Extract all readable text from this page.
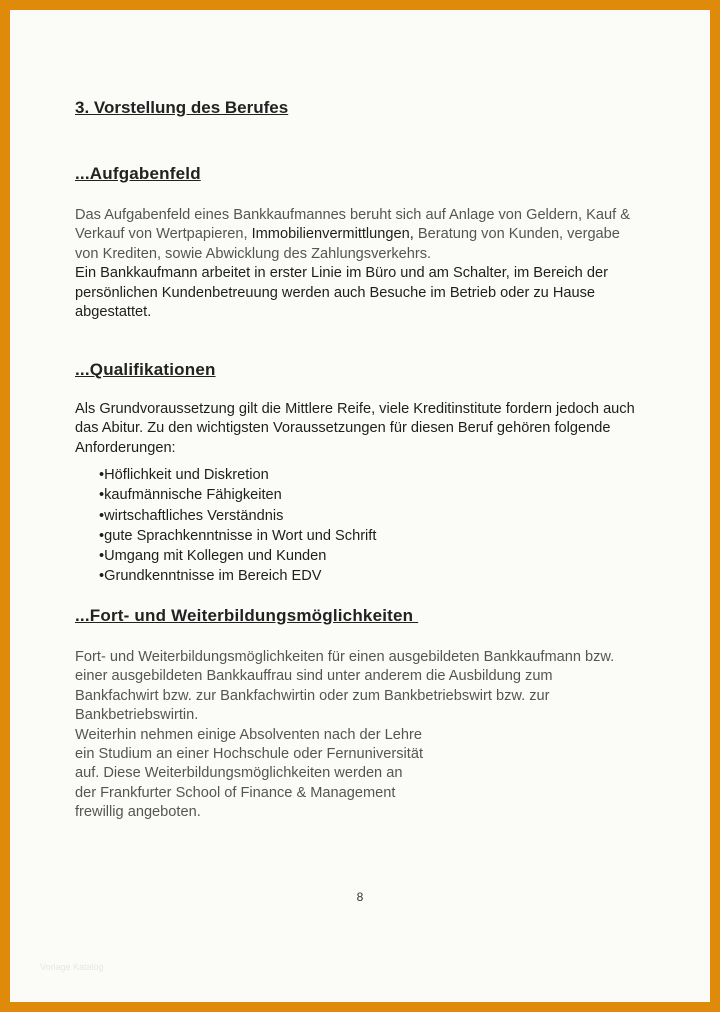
3. Vorstellung des Berufes
...Aufgabenfeld

Das Aufgabenfeld eines Bankkaufmannes beruht sich auf Anlage von Geldern, Kauf & Verkauf von Wertpapieren, Immobilienvermittlungen, Beratung von Kunden, vergabe von Krediten, sowie Abwicklung des Zahlungsverkehrs.

Ein Bankkaufmann arbeitet in erster Linie im Büro und am Schalter, im Bereich der persönlichen Kundenbetreuung werden auch Besuche im Betrieb oder zu Hause abgestattet.

...Qualifikationen
Als Grundvoraussetzung gilt die Mittlere Reife, viele Kreditinstitute fordern jedoch auch das Abitur. Zu den wichtigsten Voraussetzungen für diesen Beruf gehören folgende Anforderungen:
• Höflichkeit und Diskretion
• kaufmännische Fähigkeiten
• wirtschaftliches Verständnis
• gute Sprachkenntnisse in Wort und Schrift
• Umgang mit Kollegen und Kunden
• Grundkenntnisse im Bereich EDV
...Fort- und Weiterbildungsmöglichkeiten

Fort- und Weiterbildungsmöglichkeiten für einen ausgebildeten Bankkaufmann bzw. einer ausgebildeten Bankkauffrau sind unter anderem die Ausbildung zum Bankfachwirt bzw. zur Bankfachwirtin oder zum Bankbetriebswirt bzw. zur Bankbetriebswirtin.

Weiterhin nehmen einige Absolventen nach der Lehre

ein Studium an einer Hochschule oder Fernuniversität

auf. Diese Weiterbildungsmöglichkeiten werden an

der Frankfurter School of Finance & Management

frewillig angeboten.

8
Vorlage Katalog
